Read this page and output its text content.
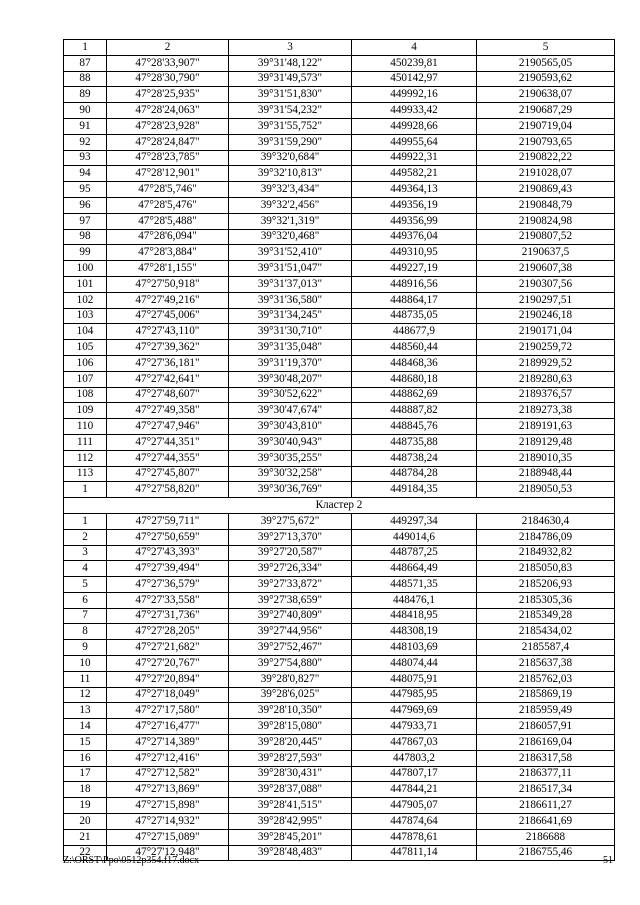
1	2	3	4	5
87	47°28'33,907"	39°31'48,122"	450239,81	2190565,05
88	47°28'30,790"	39°31'49,573"	450142,97	2190593,62
89	47°28'25,935"	39°31'51,830"	449992,16	2190638,07
90	47°28'24,063"	39°31'54,232"	449933,42	2190687,29
91	47°28'23,928"	39°31'55,752"	449928,66	2190719,04
92	47°28'24,847"	39°31'59,290"	449955,64	2190793,65
93	47°28'23,785"	39°32'0,684"	449922,31	2190822,22
94	47°28'12,901"	39°32'10,813"	449582,21	2191028,07
95	47°28'5,746"	39°32'3,434"	449364,13	2190869,43
96	47°28'5,476"	39°32'2,456"	449356,19	2190848,79
97	47°28'5,488"	39°32'1,319"	449356,99	2190824,98
98	47°28'6,094"	39°32'0,468"	449376,04	2190807,52
99	47°28'3,884"	39°31'52,410"	449310,95	2190637,5
100	47°28'1,155"	39°31'51,047"	449227,19	2190607,38
101	47°27'50,918"	39°31'37,013"	448916,56	2190307,56
102	47°27'49,216"	39°31'36,580"	448864,17	2190297,51
103	47°27'45,006"	39°31'34,245"	448735,05	2190246,18
104	47°27'43,110"	39°31'30,710"	448677,9	2190171,04
105	47°27'39,362"	39°31'35,048"	448560,44	2190259,72
106	47°27'36,181"	39°31'19,370"	448468,36	2189929,52
107	47°27'42,641"	39°30'48,207"	448680,18	2189280,63
108	47°27'48,607"	39°30'52,622"	448862,69	2189376,57
109	47°27'49,358"	39°30'47,674"	448887,82	2189273,38
110	47°27'47,946"	39°30'43,810"	448845,76	2189191,63
111	47°27'44,351"	39°30'40,943"	448735,88	2189129,48
112	47°27'44,355"	39°30'35,255"	448738,24	2189010,35
113	47°27'45,807"	39°30'32,258"	448784,28	2188948,44
1	47°27'58,820"	39°30'36,769"	449184,35	2189050,53
Кластер 2				
1	47°27'59,711"	39°27'5,672"	449297,34	2184630,4
2	47°27'50,659"	39°27'13,370"	449014,6	2184786,09
3	47°27'43,393"	39°27'20,587"	448787,25	2184932,82
4	47°27'39,494"	39°27'26,334"	448664,49	2185050,83
5	47°27'36,579"	39°27'33,872"	448571,35	2185206,93
6	47°27'33,558"	39°27'38,659"	448476,1	2185305,36
7	47°27'31,736"	39°27'40,809"	448418,95	2185349,28
8	47°27'28,205"	39°27'44,956"	448308,19	2185434,02
9	47°27'21,682"	39°27'52,467"	448103,69	2185587,4
10	47°27'20,767"	39°27'54,880"	448074,44	2185637,38
11	47°27'20,894"	39°28'0,827"	448075,91	2185762,03
12	47°27'18,049"	39°28'6,025"	447985,95	2185869,19
13	47°27'17,580"	39°28'10,350"	447969,69	2185959,49
14	47°27'16,477"	39°28'15,080"	447933,71	2186057,91
15	47°27'14,389"	39°28'20,445"	447867,03	2186169,04
16	47°27'12,416"	39°28'27,593"	447803,2	2186317,58
17	47°27'12,582"	39°28'30,431"	447807,17	2186377,11
18	47°27'13,869"	39°28'37,088"	447844,21	2186517,34
19	47°27'15,898"	39°28'41,515"	447905,07	2186611,27
20	47°27'14,932"	39°28'42,995"	447874,64	2186641,69
21	47°27'15,089"	39°28'45,201"	447878,61	2186688
22	47°27'12,948"	39°28'48,483"	447811,14	2186755,46
Z:\ORST\Ppo\0512p354.f17.docx	51
